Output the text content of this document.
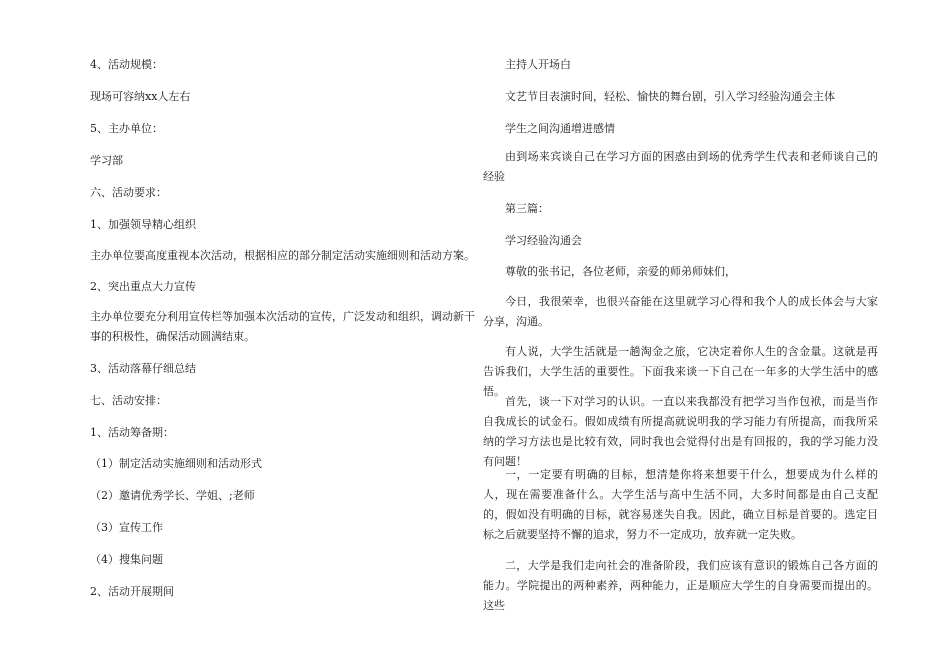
4、活动规模：
现场可容纳xx人左右
5、主办单位：
学习部
六、活动要求：
1、加强领导精心组织
主办单位要高度重视本次活动，根据相应的部分制定活动实施细则和活动方案。
2、突出重点大力宣传
主办单位要充分利用宣传栏等加强本次活动的宣传，广泛发动和组织，调动新干事的积极性，确保活动圆满结束。
3、活动落幕仔细总结
七、活动安排：
1、活动筹备期：
（1）制定活动实施细则和活动形式
（2）邀请优秀学长、学姐、;老师
（3）宣传工作
（4）搜集问题
2、活动开展期间
主持人开场白
文艺节目表演时间，轻松、愉快的舞台剧，引入学习经验沟通会主体
学生之间沟通增进感情
由到场来宾谈自己在学习方面的困惑由到场的优秀学生代表和老师谈自己的经验
第三篇：
学习经验沟通会
尊敬的张书记，各位老师，亲爱的师弟师妹们，
今日，我很荣幸，也很兴奋能在这里就学习心得和我个人的成长体会与大家分享，沟通。
有人说，大学生活就是一趟淘金之旅，它决定着你人生的含金量。这就是再告诉我们，大学生活的重要性。下面我来谈一下自己在一年多的大学生活中的感悟。
首先，谈一下对学习的认识。一直以来我都没有把学习当作包袱，而是当作自我成长的试金石。假如成绩有所提高就说明我的学习能力有所提高，而我所采纳的学习方法也是比较有效，同时我也会觉得付出是有回报的，我的学习能力没有问题！
一，一定要有明确的目标，想清楚你将来想要干什么，想要成为什么样的人，现在需要准备什么。大学生活与高中生活不同，大多时间都是由自己支配的，假如没有明确的目标，就容易迷失自我。因此，确立目标是首要的。选定目标之后就要坚持不懈的追求，努力不一定成功，放弃就一定失败。
二，大学是我们走向社会的准备阶段，我们应该有意识的锻炼自己各方面的能力。学院提出的两种素养，两种能力，正是顺应大学生的自身需要而提出的。这些
